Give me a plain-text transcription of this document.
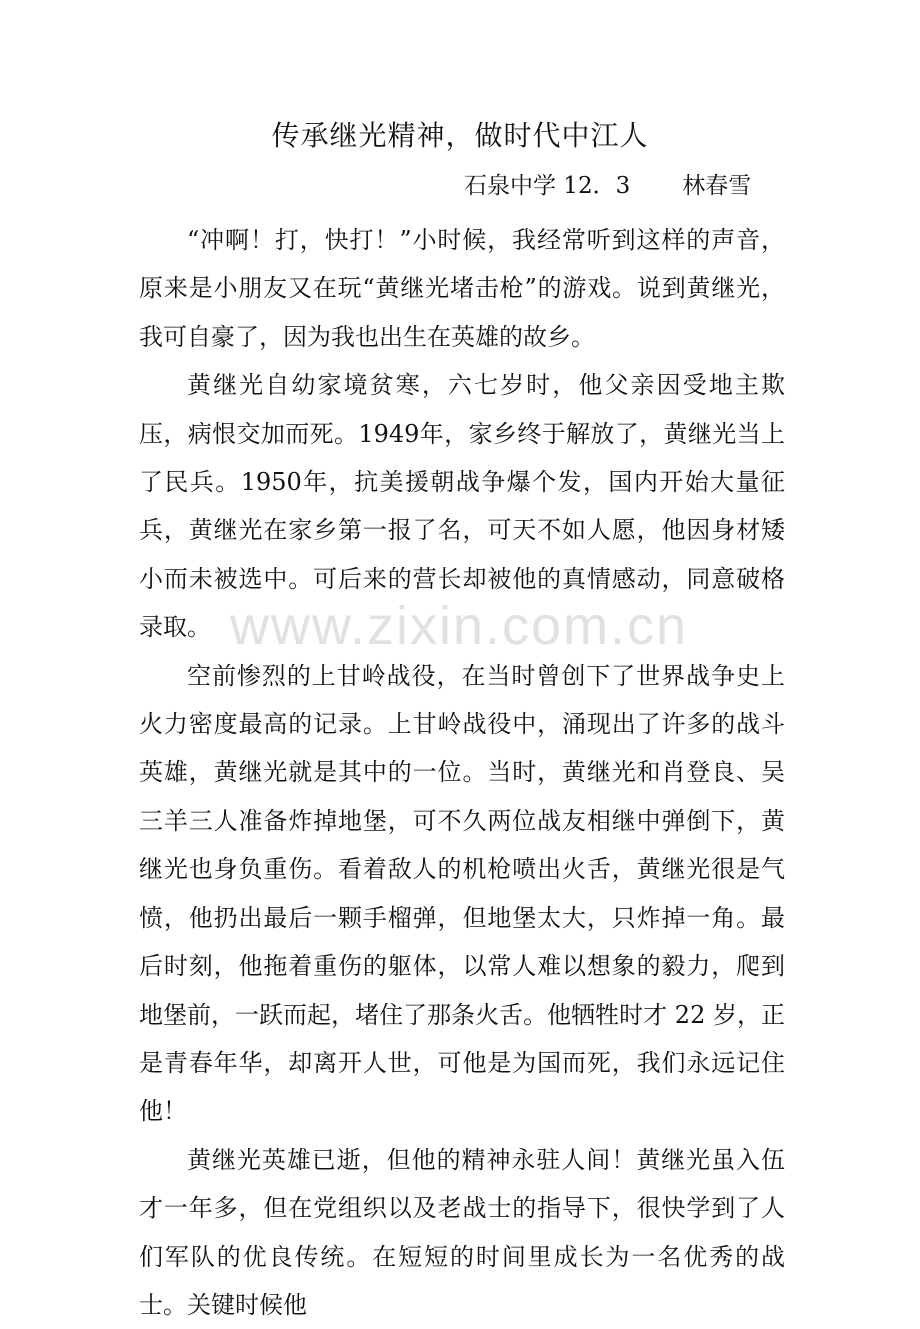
传承继光精神，做时代中江人
石泉中学 12．3 林春雪

“冲啊！打，快打！”小时候，我经常听到这样的声音，原来是小朋友又在玩“黄继光堵击枪”的游戏。说到黄继光，我可自豪了，因为我也出生在英雄的故乡。

黄继光自幼家境贫寒，六七岁时，他父亲因受地主欺压，病恨交加而死。1949年，家乡终于解放了，黄继光当上了民兵。1950年，抗美援朝战争爆个发，国内开始大量征兵，黄继光在家乡第一报了名，可天不如人愿，他因身材矮小而未被选中。可后来的营长却被他的真情感动，同意破格录取。

空前惨烈的上甘岭战役，在当时曾创下了世界战争史上火力密度最高的记录。上甘岭战役中，涌现出了许多的战斗英雄，黄继光就是其中的一位。当时，黄继光和肖登良、吴三羊三人准备炸掉地堡，可不久两位战友相继中弹倒下，黄继光也身负重伤。看着敌人的机枪喷出火舌，黄继光很是气愤，他扔出最后一颗手榴弹，但地堡太大，只炸掉一角。最后时刻，他拖着重伤的躯体，以常人难以想象的毅力，爬到地堡前，一跃而起，堵住了那条火舌。他牺牲时才 22 岁，正是青春年华，却离开人世，可他是为国而死，我们永远记住他！

黄继光英雄已逝，但他的精神永驻人间！黄继光虽入伍才一年多，但在党组织以及老战士的指导下，很快学到了人们军队的优良传统。在短短的时间里成长为一名优秀的战士。关键时候他

www.zixin.com.cn
